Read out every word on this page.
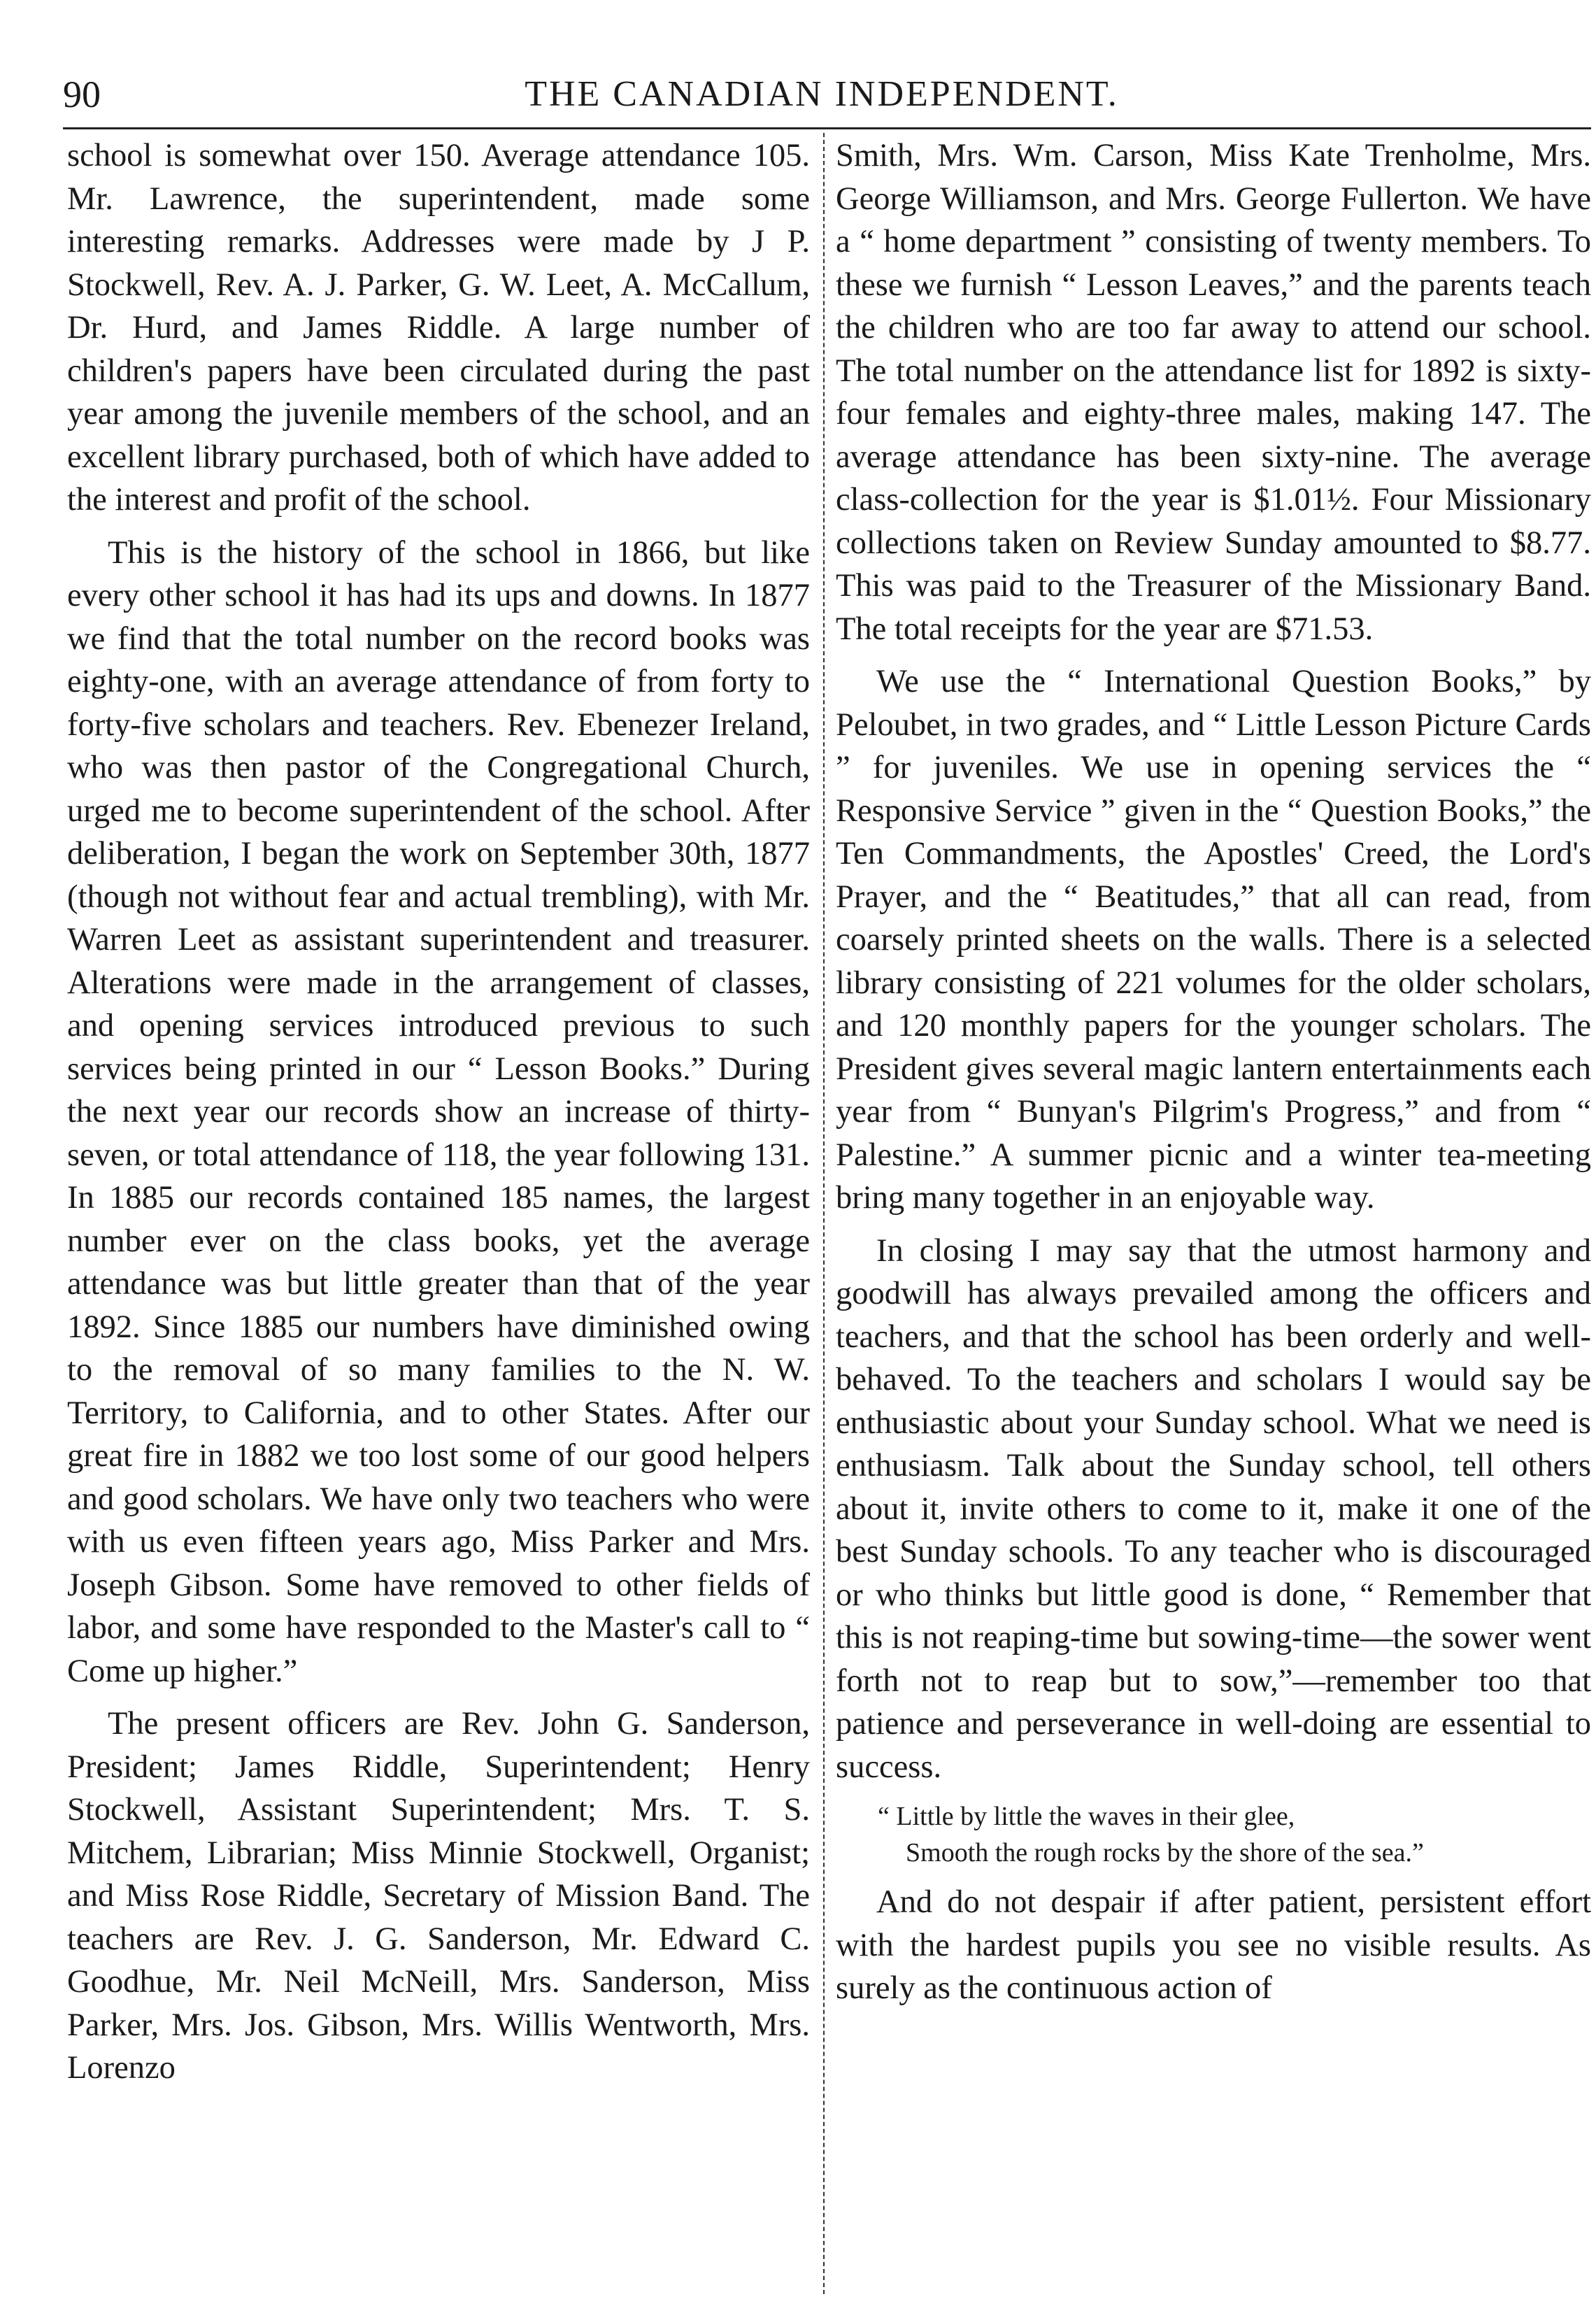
90	THE CANADIAN INDEPENDENT.

school is somewhat over 150. Average attendance 105. Mr. Lawrence, the superintendent, made some interesting remarks. Addresses were made by J P. Stockwell, Rev. A. J. Parker, G. W. Leet, A. McCallum, Dr. Hurd, and James Riddle. A large number of children's papers have been circulated during the past year among the juvenile members of the school, and an excellent library purchased, both of which have added to the interest and profit of the school.

This is the history of the school in 1866, but like every other school it has had its ups and downs. In 1877 we find that the total number on the record books was eighty-one, with an average attendance of from forty to forty-five scholars and teachers. Rev. Ebenezer Ireland, who was then pastor of the Congregational Church, urged me to become superintendent of the school. After deliberation, I began the work on September 30th, 1877 (though not without fear and actual trembling), with Mr. Warren Leet as assistant superintendent and treasurer. Alterations were made in the arrangement of classes, and opening services introduced previous to such services being printed in our “ Lesson Books.” During the next year our records show an increase of thirty-seven, or total attendance of 118, the year following 131. In 1885 our records contained 185 names, the largest number ever on the class books, yet the average attendance was but little greater than that of the year 1892. Since 1885 our numbers have diminished owing to the removal of so many families to the N. W. Territory, to California, and to other States. After our great fire in 1882 we too lost some of our good helpers and good scholars. We have only two teachers who were with us even fifteen years ago, Miss Parker and Mrs. Joseph Gibson. Some have removed to other fields of labor, and some have responded to the Master's call to “ Come up higher.”

The present officers are Rev. John G. Sanderson, President; James Riddle, Superintendent; Henry Stockwell, Assistant Superintendent; Mrs. T. S. Mitchem, Librarian; Miss Minnie Stockwell, Organist; and Miss Rose Riddle, Secretary of Mission Band. The teachers are Rev. J. G. Sanderson, Mr. Edward C. Goodhue, Mr. Neil McNeill, Mrs. Sanderson, Miss Parker, Mrs. Jos. Gibson, Mrs. Willis Wentworth, Mrs. Lorenzo

Smith, Mrs. Wm. Carson, Miss Kate Trenholme, Mrs. George Williamson, and Mrs. George Fullerton. We have a “ home department ” consisting of twenty members. To these we furnish “ Lesson Leaves,” and the parents teach the children who are too far away to attend our school. The total number on the attendance list for 1892 is sixty-four females and eighty-three males, making 147. The average attendance has been sixty-nine. The average class-collection for the year is $1.01½. Four Missionary collections taken on Review Sunday amounted to $8.77. This was paid to the Treasurer of the Missionary Band. The total receipts for the year are $71.53.

We use the “ International Question Books,” by Peloubet, in two grades, and “ Little Lesson Picture Cards ” for juveniles. We use in opening services the “ Responsive Service ” given in the “ Question Books,” the Ten Commandments, the Apostles' Creed, the Lord's Prayer, and the “ Beatitudes,” that all can read, from coarsely printed sheets on the walls. There is a selected library consisting of 221 volumes for the older scholars, and 120 monthly papers for the younger scholars. The President gives several magic lantern entertainments each year from “ Bunyan's Pilgrim's Progress,” and from “ Palestine.” A summer picnic and a winter tea-meeting bring many together in an enjoyable way.

In closing I may say that the utmost harmony and goodwill has always prevailed among the officers and teachers, and that the school has been orderly and well-behaved. To the teachers and scholars I would say be enthusiastic about your Sunday school. What we need is enthusiasm. Talk about the Sunday school, tell others about it, invite others to come to it, make it one of the best Sunday schools. To any teacher who is discouraged or who thinks but little good is done, “ Remember that this is not reaping-time but sowing-time—the sower went forth not to reap but to sow,”—remember too that patience and perseverance in well-doing are essential to success.

“ Little by little the waves in their glee,
Smooth the rough rocks by the shore of the sea.”

And do not despair if after patient, persistent effort with the hardest pupils you see no visible results. As surely as the continuous action of
